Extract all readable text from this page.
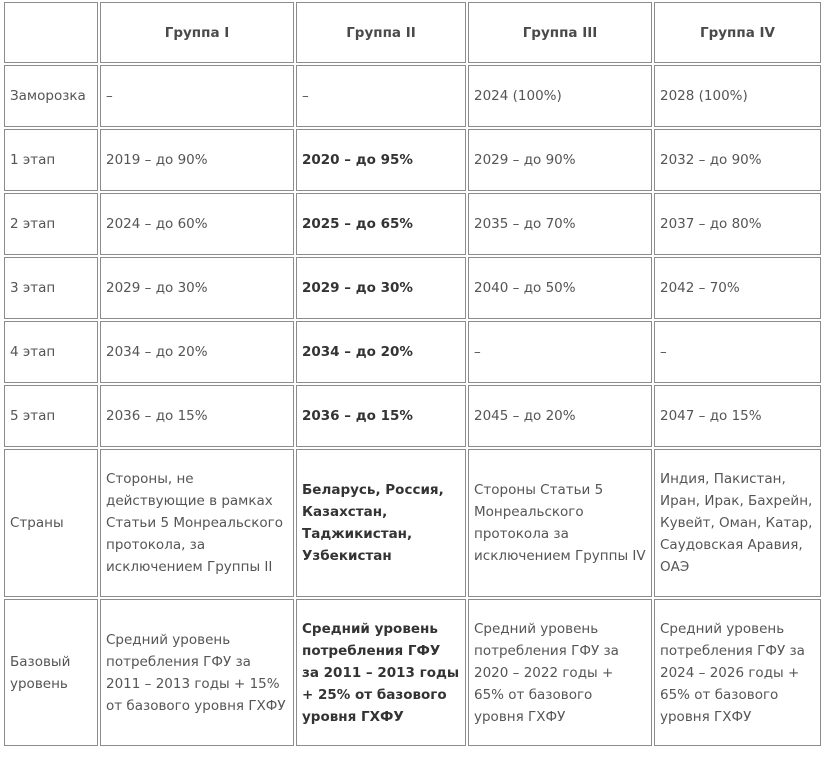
	Группа I	Группа II	Группа III	Группа IV
Заморозка	–	–	2024 (100%)	2028 (100%)
1 этап	2019 – до 90%	2020 – до 95%	2029 – до 90%	2032 – до 90%
2 этап	2024 – до 60%	2025 – до 65%	2035 – до 70%	2037 – до 80%
3 этап	2029 – до 30%	2029 – до 30%	2040 – до 50%	2042 – 70%
4 этап	2034 – до 20%	2034 – до 20%	–	–
5 этап	2036 – до 15%	2036 – до 15%	2045 – до 20%	2047 – до 15%
Страны	Стороны, не действующие в рамках Статьи 5 Монреальского протокола, за исключением Группы II	Беларусь, Россия, Казахстан, Таджикистан, Узбекистан	Стороны Статьи 5 Монреальского протокола за исключением Группы IV	Индия, Пакистан, Иран, Ирак, Бахрейн, Кувейт, Оман, Катар, Саудовская Аравия, ОАЭ
Базовый уровень	Средний уровень потребления ГФУ за 2011 – 2013 годы + 15% от базового уровня ГХФУ	Средний уровень потребления ГФУ за 2011 – 2013 годы + 25% от базового уровня ГХФУ	Средний уровень потребления ГФУ за 2020 – 2022 годы + 65% от базового уровня ГХФУ	Средний уровень потребления ГФУ за 2024 – 2026 годы + 65% от базового уровня ГХФУ
